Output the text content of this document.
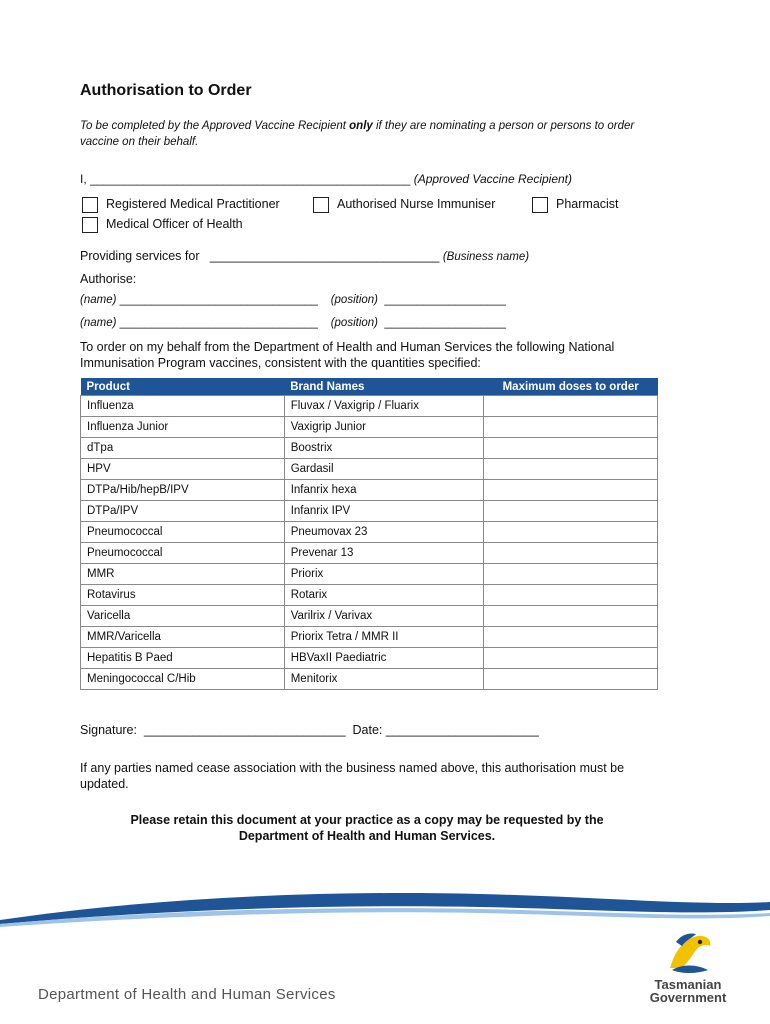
Authorisation to Order
To be completed by the Approved Vaccine Recipient only if they are nominating a person or persons to order vaccine on their behalf.
I, ________________________________________________ (Approved Vaccine Recipient)
Registered Medical Practitioner	Authorised Nurse Immuniser	Pharmacist
Medical Officer of Health
Providing services for _________________________________ (Business name)
Authorise:
(name) _______________________________ (position) ___________________
(name) _______________________________ (position) ___________________
To order on my behalf from the Department of Health and Human Services the following National Immunisation Program vaccines, consistent with the quantities specified:
Product	Brand Names	Maximum doses to order
Influenza	Fluvax / Vaxigrip / Fluarix	
Influenza Junior	Vaxigrip Junior	
dTpa	Boostrix	
HPV	Gardasil	
DTPa/Hib/hepB/IPV	Infanrix hexa	
DTPa/IPV	Infanrix IPV	
Pneumococcal	Pneumovax 23	
Pneumococcal	Prevenar 13	
MMR	Priorix	
Rotavirus	Rotarix	
Varicella	Varilrix / Varivax	
MMR/Varicella	Priorix Tetra / MMR II	
Hepatitis B Paed	HBVaxII Paediatric	
Meningococcal C/Hib	Menitorix	
Signature: _____________________________ Date: ______________________
If any parties named cease association with the business named above, this authorisation must be updated.
Please retain this document at your practice as a copy may be requested by the
Department of Health and Human Services.
Department of Health and Human Services
Tasmanian
Government
